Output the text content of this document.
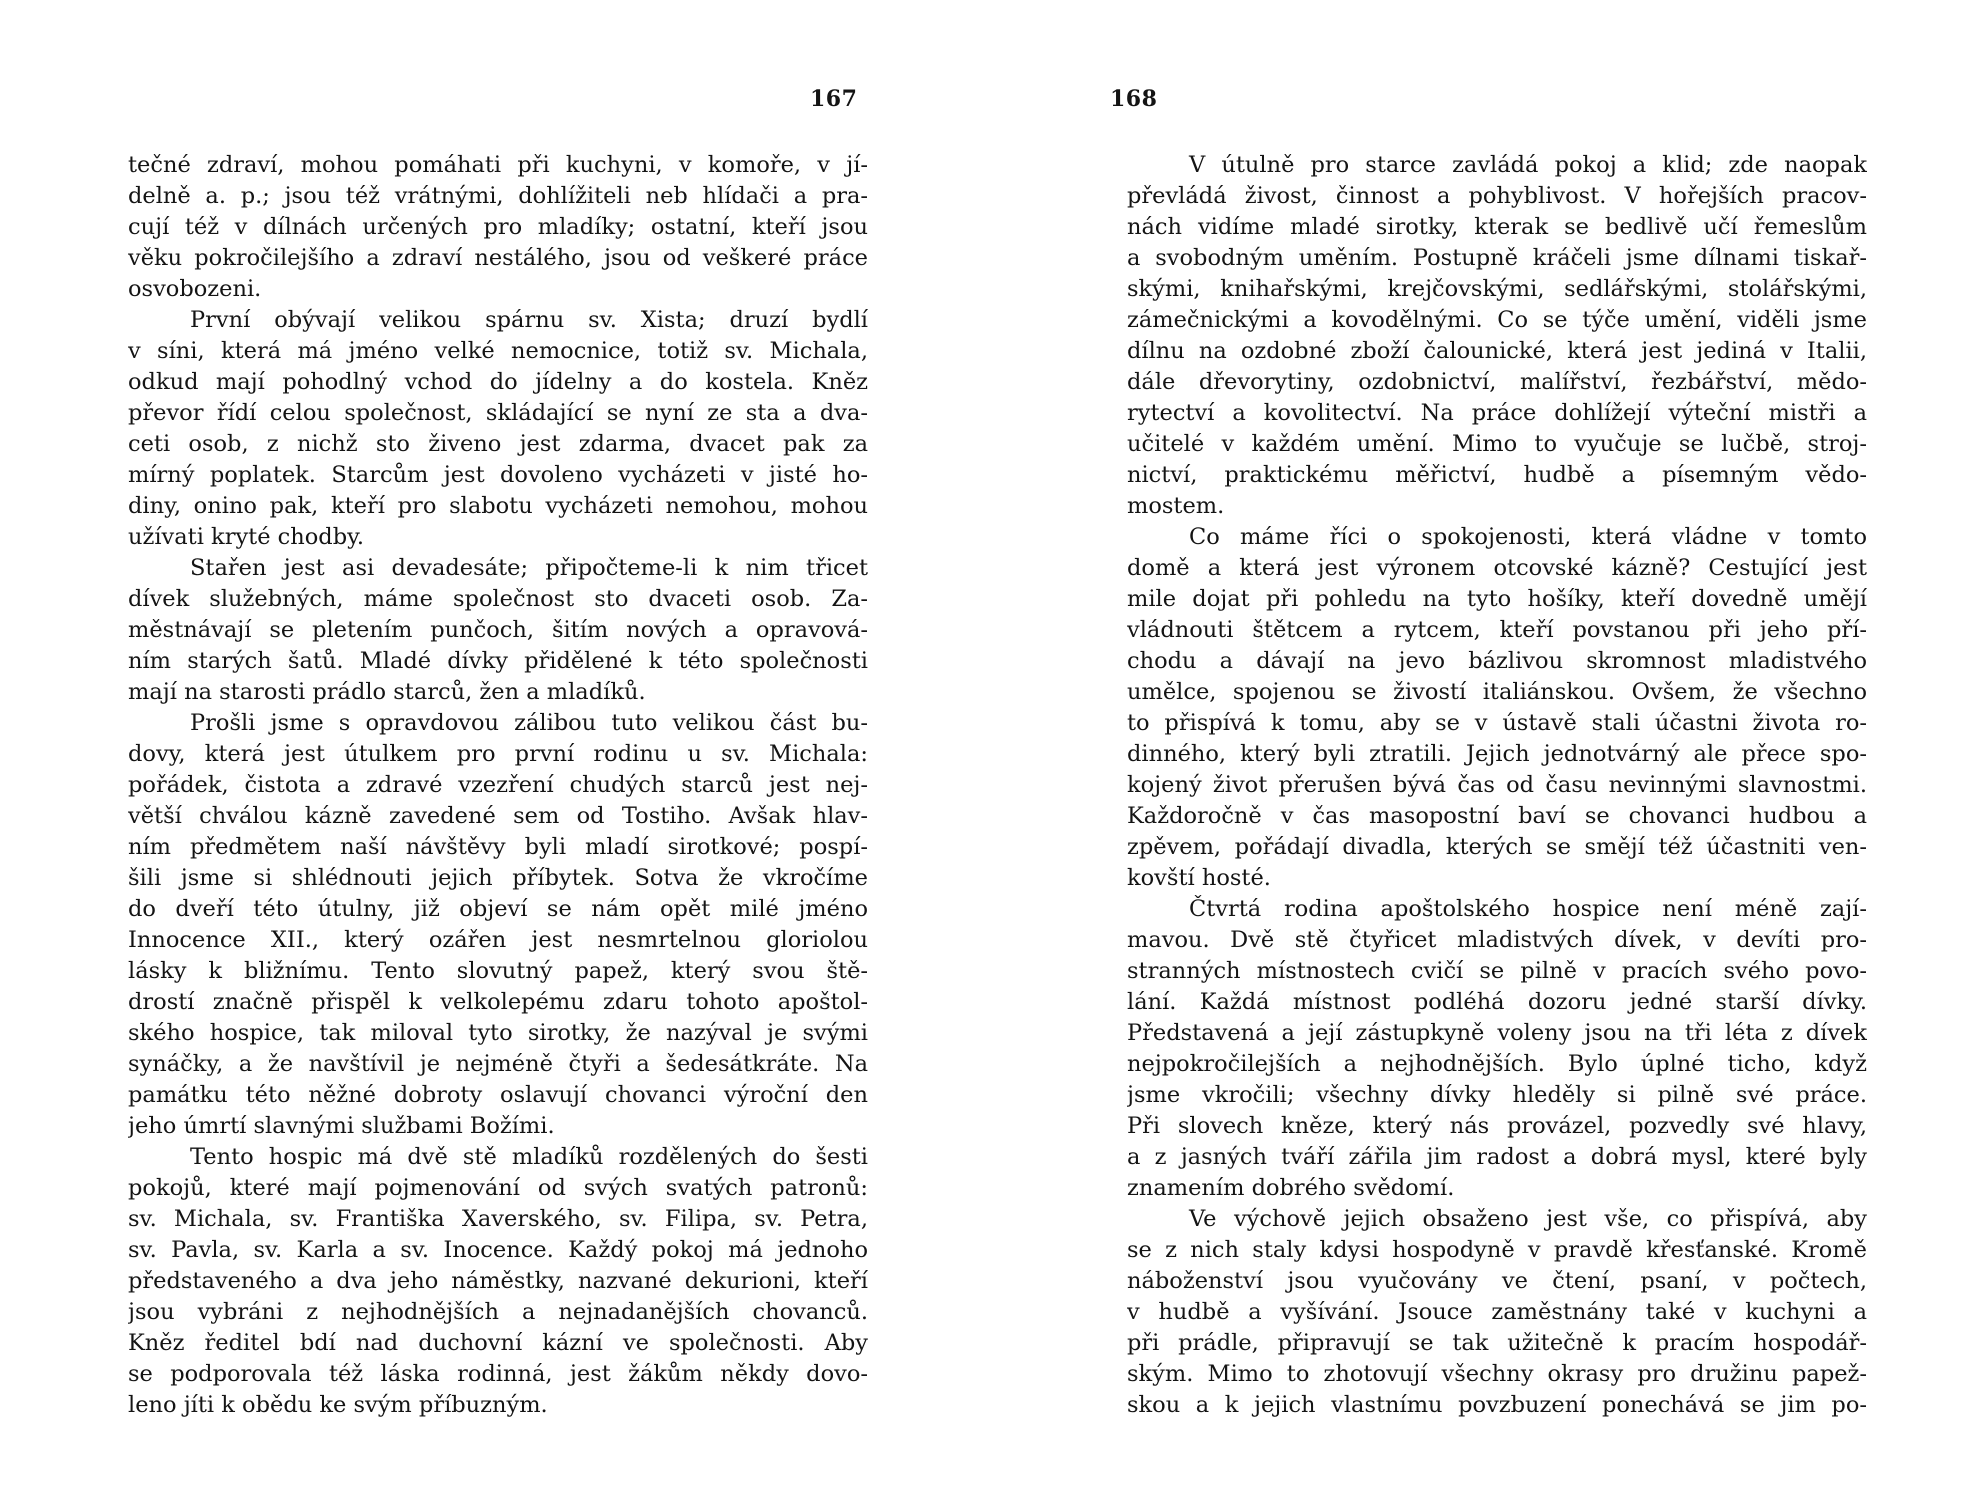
167
tečné zdraví, mohou pomáhati při kuchyni, v komoře, v jí-
delně a. p.; jsou též vrátnými, dohlížiteli neb hlídači a pra-
cují též v dílnách určených pro mladíky; ostatní, kteří jsou
věku pokročilejšího a zdraví nestálého, jsou od veškeré práce
osvobozeni.
První obývají velikou spárnu sv. Xista; druzí bydlí
v síni, která má jméno velké nemocnice, totiž sv. Michala,
odkud mají pohodlný vchod do jídelny a do kostela. Kněz
převor řídí celou společnost, skládající se nyní ze sta a dva-
ceti osob, z nichž sto živeno jest zdarma, dvacet pak za
mírný poplatek. Starcům jest dovoleno vycházeti v jisté ho-
diny, onino pak, kteří pro slabotu vycházeti nemohou, mohou
užívati kryté chodby.
Stařen jest asi devadesáte; připočteme-li k nim třicet
dívek služebných, máme společnost sto dvaceti osob. Za-
městnávají se pletením punčoch, šitím nových a opravová-
ním starých šatů. Mladé dívky přidělené k této společnosti
mají na starosti prádlo starců, žen a mladíků.
Prošli jsme s opravdovou zálibou tuto velikou část bu-
dovy, která jest útulkem pro první rodinu u sv. Michala:
pořádek, čistota a zdravé vzezření chudých starců jest nej-
větší chválou kázně zavedené sem od Tostiho. Avšak hlav-
ním předmětem naší návštěvy byli mladí sirotkové; pospí-
šili jsme si shlédnouti jejich příbytek. Sotva že vkročíme
do dveří této útulny, již objeví se nám opět milé jméno
Innocence XII., který ozářen jest nesmrtelnou gloriolou
lásky k bližnímu. Tento slovutný papež, který svou ště-
drostí značně přispěl k velkolepému zdaru tohoto apoštol-
ského hospice, tak miloval tyto sirotky, že nazýval je svými
synáčky, a že navštívil je nejméně čtyři a šedesátkráte. Na
památku této něžné dobroty oslavují chovanci výroční den
jeho úmrtí slavnými službami Božími.
Tento hospic má dvě stě mladíků rozdělených do šesti
pokojů, které mají pojmenování od svých svatých patronů:
sv. Michala, sv. Františka Xaverského, sv. Filipa, sv. Petra,
sv. Pavla, sv. Karla a sv. Inocence. Každý pokoj má jednoho
představeného a dva jeho náměstky, nazvané dekurioni, kteří
jsou vybráni z nejhodnějších a nejnadanějších chovanců.
Kněz ředitel bdí nad duchovní kázní ve společnosti. Aby
se podporovala též láska rodinná, jest žákům někdy dovo-
leno jíti k obědu ke svým příbuzným.
168
V útulně pro starce zavládá pokoj a klid; zde naopak
převládá živost, činnost a pohyblivost. V hořejších pracov-
nách vidíme mladé sirotky, kterak se bedlivě učí řemeslům
a svobodným uměním. Postupně kráčeli jsme dílnami tiskař-
skými, knihařskými, krejčovskými, sedlářskými, stolářskými,
zámečnickými a kovodělnými. Co se týče umění, viděli jsme
dílnu na ozdobné zboží čalounické, která jest jediná v Italii,
dále dřevorytiny, ozdobnictví, malířství, řezbářství, mědo-
rytectví a kovolitectví. Na práce dohlížejí výteční mistři a
učitelé v každém umění. Mimo to vyučuje se lučbě, stroj-
nictví, praktickému měřictví, hudbě a písemným vědo-
mostem.
Co máme říci o spokojenosti, která vládne v tomto
domě a která jest výronem otcovské kázně? Cestující jest
mile dojat při pohledu na tyto hošíky, kteří dovedně umějí
vládnouti štětcem a rytcem, kteří povstanou při jeho pří-
chodu a dávají na jevo bázlivou skromnost mladistvého
umělce, spojenou se živostí italiánskou. Ovšem, že všechno
to přispívá k tomu, aby se v ústavě stali účastni života ro-
dinného, který byli ztratili. Jejich jednotvárný ale přece spo-
kojený život přerušen bývá čas od času nevinnými slavnostmi.
Každoročně v čas masopostní baví se chovanci hudbou a
zpěvem, pořádají divadla, kterých se smějí též účastniti ven-
kovští hosté.
Čtvrtá rodina apoštolského hospice není méně zají-
mavou. Dvě stě čtyřicet mladistvých dívek, v devíti pro-
stranných místnostech cvičí se pilně v pracích svého povo-
lání. Každá místnost podléhá dozoru jedné starší dívky.
Představená a její zástupkyně voleny jsou na tři léta z dívek
nejpokročilejších a nejhodnějších. Bylo úplné ticho, když
jsme vkročili; všechny dívky hleděly si pilně své práce.
Při slovech kněze, který nás provázel, pozvedly své hlavy,
a z jasných tváří zářila jim radost a dobrá mysl, které byly
znamením dobrého svědomí.
Ve výchově jejich obsaženo jest vše, co přispívá, aby
se z nich staly kdysi hospodyně v pravdě křesťanské. Kromě
náboženství jsou vyučovány ve čtení, psaní, v počtech,
v hudbě a vyšívání. Jsouce zaměstnány také v kuchyni a
při prádle, připravují se tak užitečně k pracím hospodář-
ským. Mimo to zhotovují všechny okrasy pro družinu papež-
skou a k jejich vlastnímu povzbuzení ponechává se jim po-
